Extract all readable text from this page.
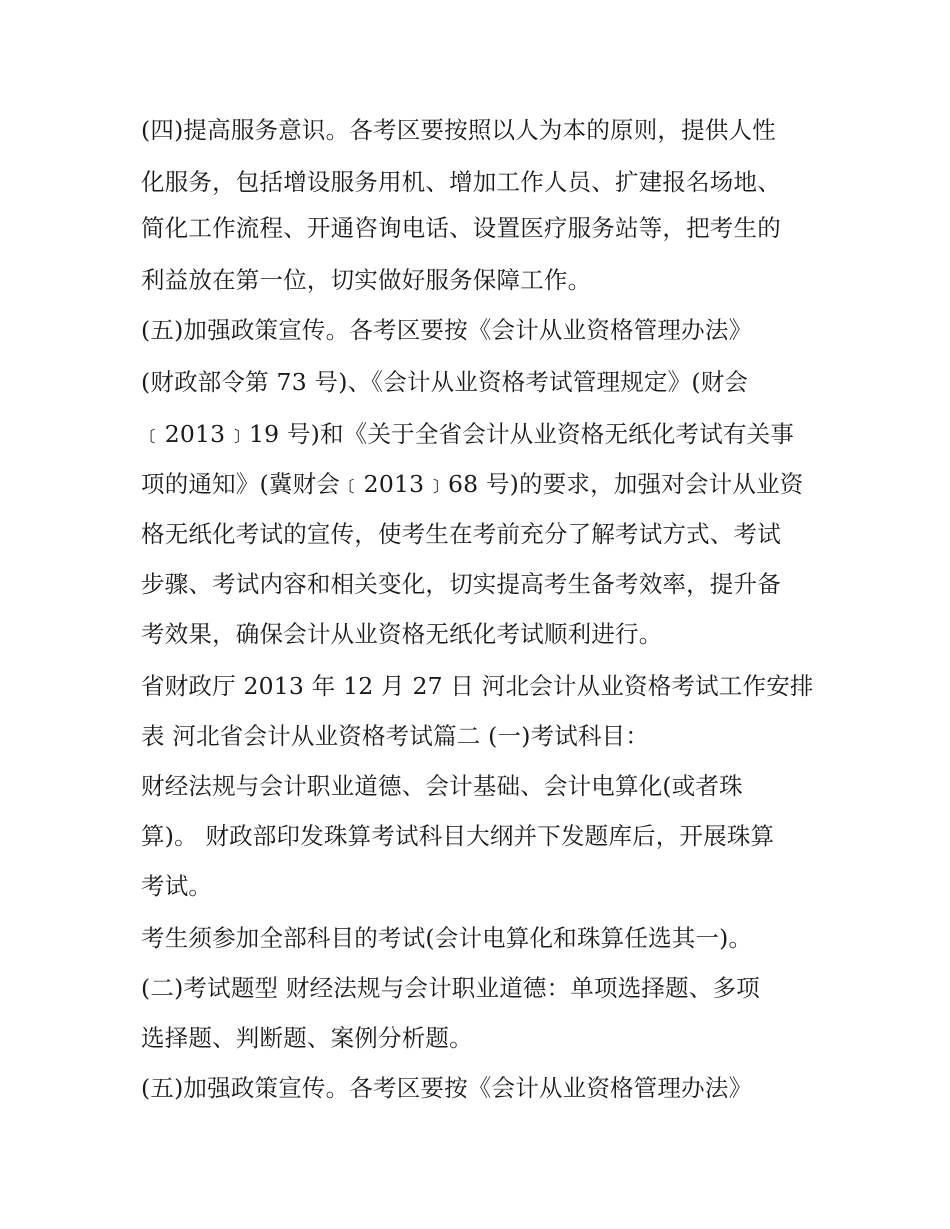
(四)提高服务意识。各考区要按照以人为本的原则，提供人性
化服务，包括增设服务用机、增加工作人员、扩建报名场地、
简化工作流程、开通咨询电话、设置医疗服务站等，把考生的
利益放在第一位，切实做好服务保障工作。
(五)加强政策宣传。各考区要按《会计从业资格管理办法》
(财政部令第 73 号)、《会计从业资格考试管理规定》(财会
﹝2013﹞19 号)和《关于全省会计从业资格无纸化考试有关事
项的通知》(冀财会﹝2013﹞68 号)的要求，加强对会计从业资
格无纸化考试的宣传，使考生在考前充分了解考试方式、考试
步骤、考试内容和相关变化，切实提高考生备考效率，提升备
考效果，确保会计从业资格无纸化考试顺利进行。
省财政厅 2013 年 12 月 27 日 河北会计从业资格考试工作安排
表 河北省会计从业资格考试篇二 (一)考试科目：
财经法规与会计职业道德、会计基础、会计电算化(或者珠
算)。 财政部印发珠算考试科目大纲并下发题库后，开展珠算
考试。
考生须参加全部科目的考试(会计电算化和珠算任选其一)。
(二)考试题型 财经法规与会计职业道德：单项选择题、多项
选择题、判断题、案例分析题。
(五)加强政策宣传。各考区要按《会计从业资格管理办法》
